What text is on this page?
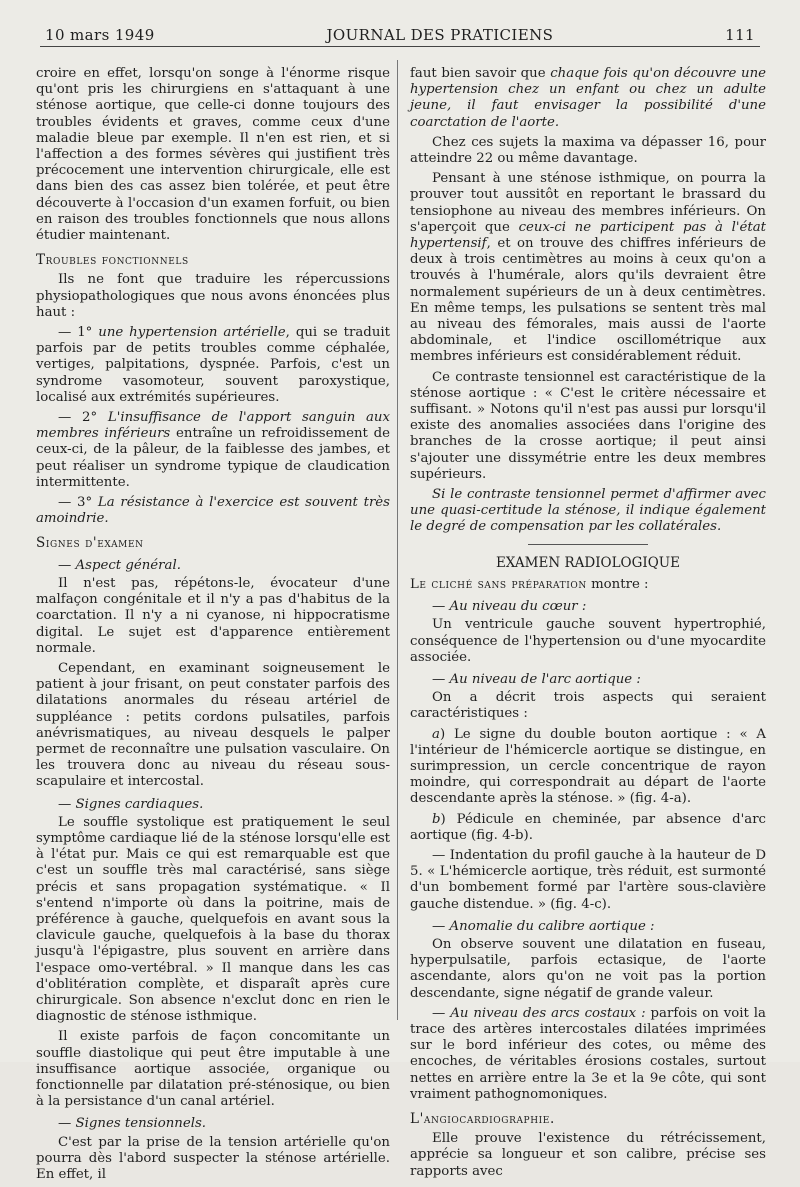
10 mars 1949	JOURNAL DES PRATICIENS	111

croire en effet, lorsqu'on songe à l'énorme risque qu'ont pris les chirurgiens en s'attaquant à une sténose aortique, que celle-ci donne toujours des troubles évidents et graves, comme ceux d'une maladie bleue par exemple. Il n'en est rien, et si l'affection a des formes sévères qui justifient très précocement une intervention chirurgicale, elle est dans bien des cas assez bien tolérée, et peut être découverte à l'occasion d'un examen forfuit, ou bien en raison des troubles fonctionnels que nous allons étudier maintenant.

Troubles fonctionnels

Ils ne font que traduire les répercussions physiopathologiques que nous avons énoncées plus haut :

— 1° une hypertension artérielle, qui se traduit parfois par de petits troubles comme céphalée, vertiges, palpitations, dyspnée. Parfois, c'est un syndrome vasomoteur, souvent paroxystique, localisé aux extrémités supérieures.

— 2° L'insuffisance de l'apport sanguin aux membres inférieurs entraîne un refroidissement de ceux-ci, de la pâleur, de la faiblesse des jambes, et peut réaliser un syndrome typique de claudication intermittente.

— 3° La résistance à l'exercice est souvent très amoindrie.

Signes d'examen

— Aspect général.

Il n'est pas, répétons-le, évocateur d'une malfaçon congénitale et il n'y a pas d'habitus de la coarctation. Il n'y a ni cyanose, ni hippocratisme digital. Le sujet est d'apparence entièrement normale.

Cependant, en examinant soigneusement le patient à jour frisant, on peut constater parfois des dilatations anormales du réseau artériel de suppléance : petits cordons pulsatiles, parfois anévrismatiques, au niveau desquels le palper permet de reconnaître une pulsation vasculaire. On les trouvera donc au niveau du réseau sous-scapulaire et intercostal.

— Signes cardiaques.

Le souffle systolique est pratiquement le seul symptôme cardiaque lié de la sténose lorsqu'elle est à l'état pur. Mais ce qui est remarquable est que c'est un souffle très mal caractérisé, sans siège précis et sans propagation systématique. « Il s'entend n'importe où dans la poitrine, mais de préférence à gauche, quelquefois en avant sous la clavicule gauche, quelquefois à la base du thorax jusqu'à l'épigastre, plus souvent en arrière dans l'espace omo-vertébral. » Il manque dans les cas d'oblitération complète, et disparaît après cure chirurgicale. Son absence n'exclut donc en rien le diagnostic de sténose isthmique.

Il existe parfois de façon concomitante un souffle diastolique qui peut être imputable à une insuffisance aortique associée, organique ou fonctionnelle par dilatation pré-sténosique, ou bien à la persistance d'un canal artériel.

— Signes tensionnels.

C'est par la prise de la tension artérielle qu'on pourra dès l'abord suspecter la sténose artérielle. En effet, il

faut bien savoir que chaque fois qu'on découvre une hypertension chez un enfant ou chez un adulte jeune, il faut envisager la possibilité d'une coarctation de l'aorte.

Chez ces sujets la maxima va dépasser 16, pour atteindre 22 ou même davantage.

Pensant à une sténose isthmique, on pourra la prouver tout aussitôt en reportant le brassard du tensiophone au niveau des membres inférieurs. On s'aperçoit que ceux-ci ne participent pas à l'état hypertensif, et on trouve des chiffres inférieurs de deux à trois centimètres au moins à ceux qu'on a trouvés à l'humérale, alors qu'ils devraient être normalement supérieurs de un à deux centimètres. En même temps, les pulsations se sentent très mal au niveau des fémorales, mais aussi de l'aorte abdominale, et l'indice oscillométrique aux membres inférieurs est considérablement réduit.

Ce contraste tensionnel est caractéristique de la sténose aortique : « C'est le critère nécessaire et suffisant. » Notons qu'il n'est pas aussi pur lorsqu'il existe des anomalies associées dans l'origine des branches de la crosse aortique; il peut ainsi s'ajouter une dissymétrie entre les deux membres supérieurs.

Si le contraste tensionnel permet d'affirmer avec une quasi-certitude la sténose, il indique également le degré de compensation par les collatérales.

EXAMEN RADIOLOGIQUE

Le cliché sans préparation montre :

— Au niveau du cœur :

Un ventricule gauche souvent hypertrophié, conséquence de l'hypertension ou d'une myocardite associée.

— Au niveau de l'arc aortique :

On a décrit trois aspects qui seraient caractéristiques :

a) Le signe du double bouton aortique : « A l'intérieur de l'hémicercle aortique se distingue, en surimpression, un cercle concentrique de rayon moindre, qui correspondrait au départ de l'aorte descendante après la sténose. » (fig. 4-a).

b) Pédicule en cheminée, par absence d'arc aortique (fig. 4-b).

— Indentation du profil gauche à la hauteur de D 5. « L'hémicercle aortique, très réduit, est surmonté d'un bombement formé par l'artère sous-clavière gauche distendue. » (fig. 4-c).

— Anomalie du calibre aortique :

On observe souvent une dilatation en fuseau, hyperpulsatile, parfois ectasique, de l'aorte ascendante, alors qu'on ne voit pas la portion descendante, signe négatif de grande valeur.

— Au niveau des arcs costaux : parfois on voit la trace des artères intercostales dilatées imprimées sur le bord inférieur des cotes, ou même des encoches, de véritables érosions costales, surtout nettes en arrière entre la 3e et la 9e côte, qui sont vraiment pathognomoniques.

L'angiocardiographie.

Elle prouve l'existence du rétrécissement, apprécie sa longueur et son calibre, précise ses rapports avec
